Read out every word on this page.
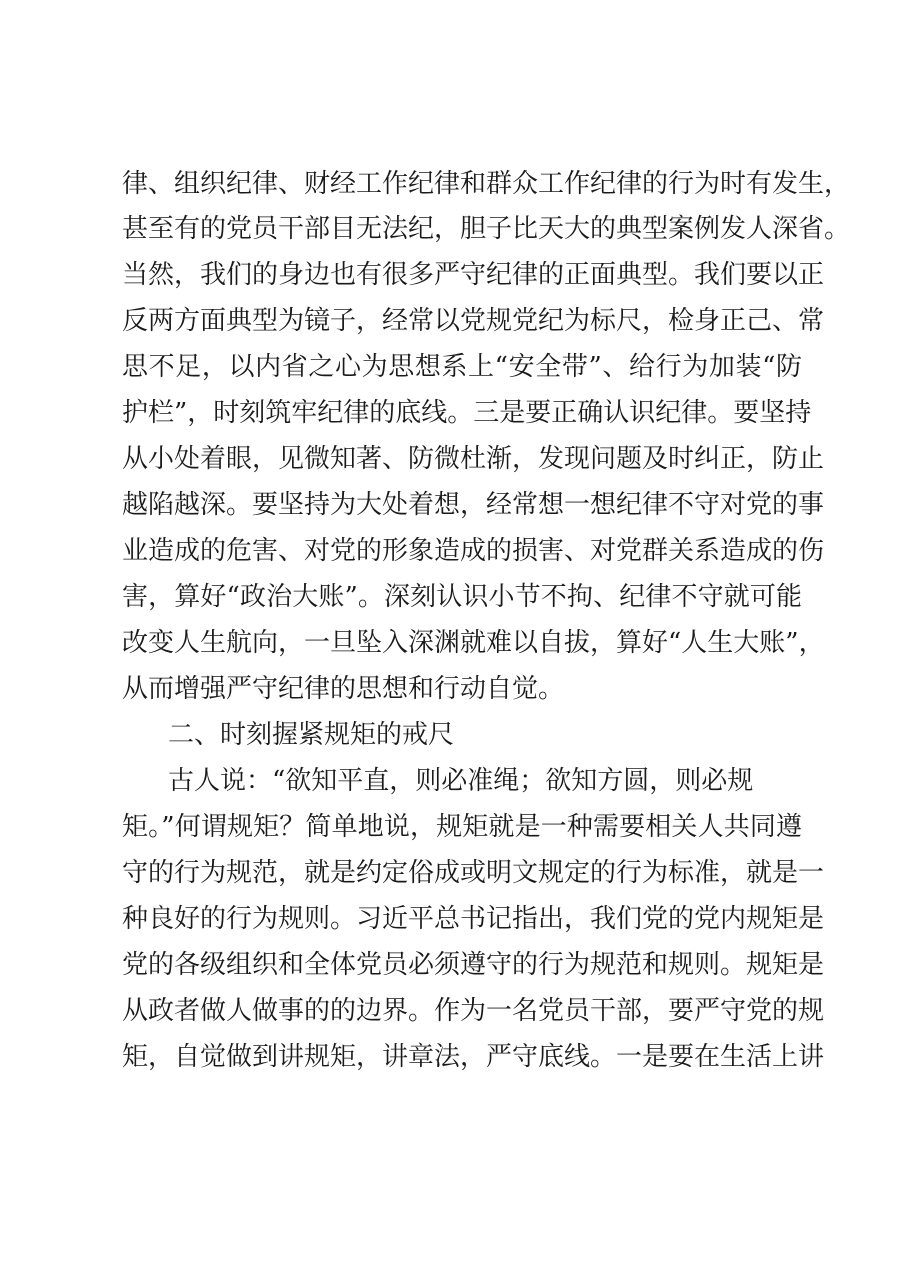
律、组织纪律、财经工作纪律和群众工作纪律的行为时有发生，
甚至有的党员干部目无法纪，胆子比天大的典型案例发人深省。
当然，我们的身边也有很多严守纪律的正面典型。我们要以正
反两方面典型为镜子，经常以党规党纪为标尺，检身正己、常
思不足，以内省之心为思想系上“安全带”、给行为加装“防
护栏”，时刻筑牢纪律的底线。三是要正确认识纪律。要坚持
从小处着眼，见微知著、防微杜渐，发现问题及时纠正，防止
越陷越深。要坚持为大处着想，经常想一想纪律不守对党的事
业造成的危害、对党的形象造成的损害、对党群关系造成的伤
害，算好“政治大账”。深刻认识小节不拘、纪律不守就可能
改变人生航向，一旦坠入深渊就难以自拔，算好“人生大账”，
从而增强严守纪律的思想和行动自觉。
二、时刻握紧规矩的戒尺
古人说：“欲知平直，则必准绳；欲知方圆，则必规
矩。”何谓规矩？简单地说，规矩就是一种需要相关人共同遵
守的行为规范，就是约定俗成或明文规定的行为标准，就是一
种良好的行为规则。习近平总书记指出，我们党的党内规矩是
党的各级组织和全体党员必须遵守的行为规范和规则。规矩是
从政者做人做事的的边界。作为一名党员干部，要严守党的规
矩，自觉做到讲规矩，讲章法，严守底线。一是要在生活上讲
